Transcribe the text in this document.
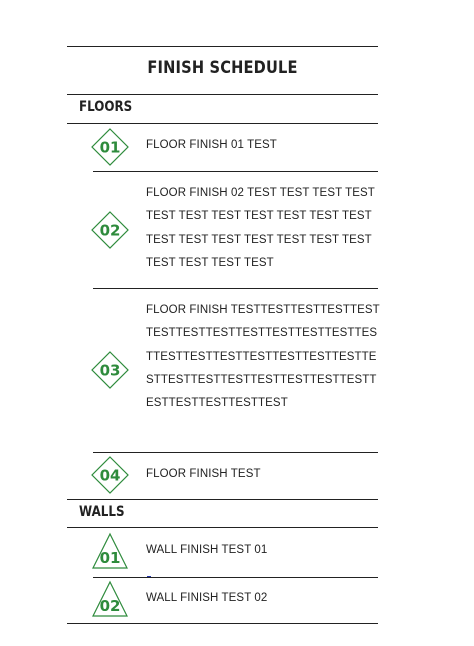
FINISH SCHEDULE
FLOORS
01 FLOOR FINISH 01 TEST
02
FLOOR FINISH 02 TEST TEST TEST TEST TEST TEST TEST TEST TEST TEST TEST TEST TEST TEST TEST TEST TEST TEST TEST TEST TEST TEST
03
FLOOR FINISH TESTTESTTESTTESTTESTTESTTESTTESTTESTTESTTESTTESTTESTTESTTESTTESTTESTTESTTESTTESTTESTTESTTESTTESTTESTTESTTESTTESTTESTTESTTESTTESTTEST
04 FLOOR FINISH TEST
WALLS
01 WALL FINISH TEST 01
02 WALL FINISH TEST 02
